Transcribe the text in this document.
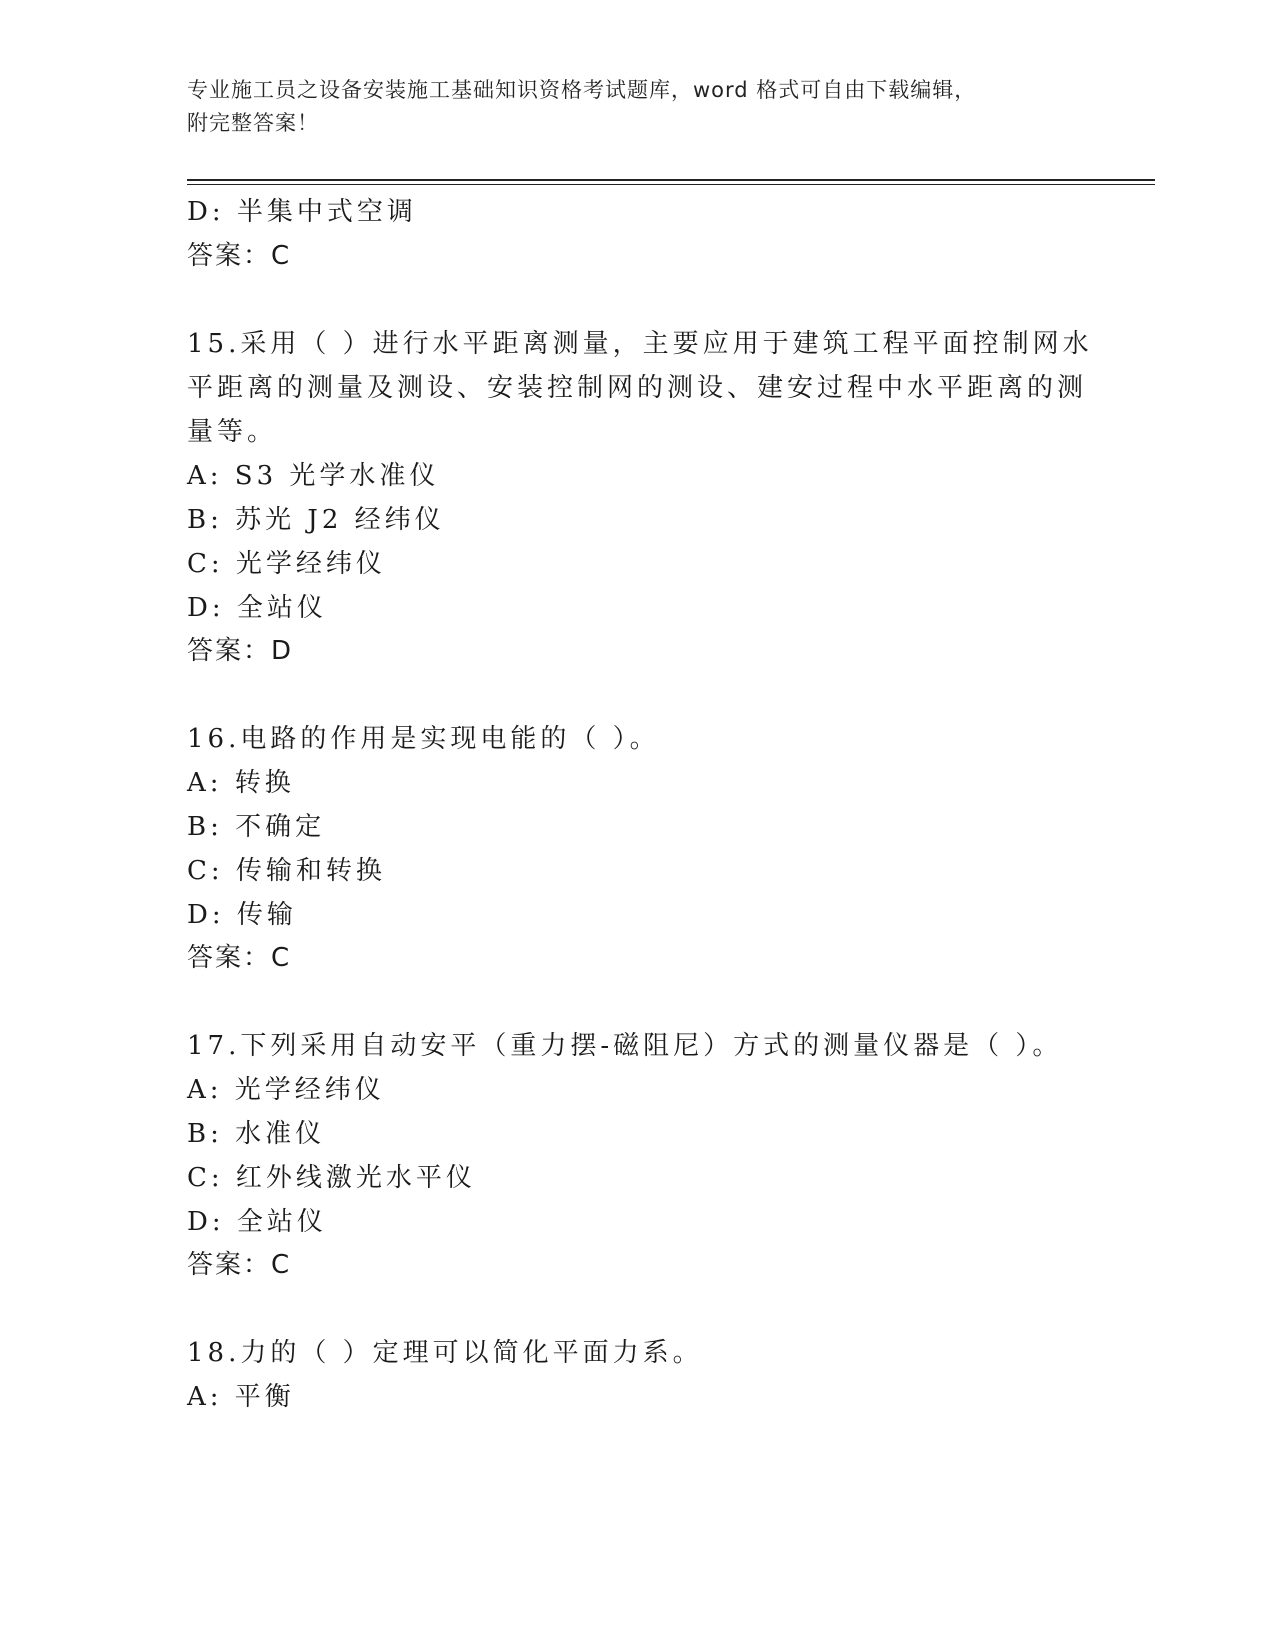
专业施工员之设备安装施工基础知识资格考试题库，word 格式可自由下载编辑，
附完整答案！
D: 半集中式空调
答案：C
15.采用（ ）进行水平距离测量，主要应用于建筑工程平面控制网水
平距离的测量及测设、安装控制网的测设、建安过程中水平距离的测
量等。
A: S3 光学水准仪
B: 苏光 J2 经纬仪
C: 光学经纬仪
D: 全站仪
答案：D
16.电路的作用是实现电能的（ ）。
A: 转换
B: 不确定
C: 传输和转换
D: 传输
答案：C
17.下列采用自动安平（重力摆-磁阻尼）方式的测量仪器是（ ）。
A: 光学经纬仪
B: 水准仪
C: 红外线激光水平仪
D: 全站仪
答案：C
18.力的（ ）定理可以简化平面力系。
A: 平衡
